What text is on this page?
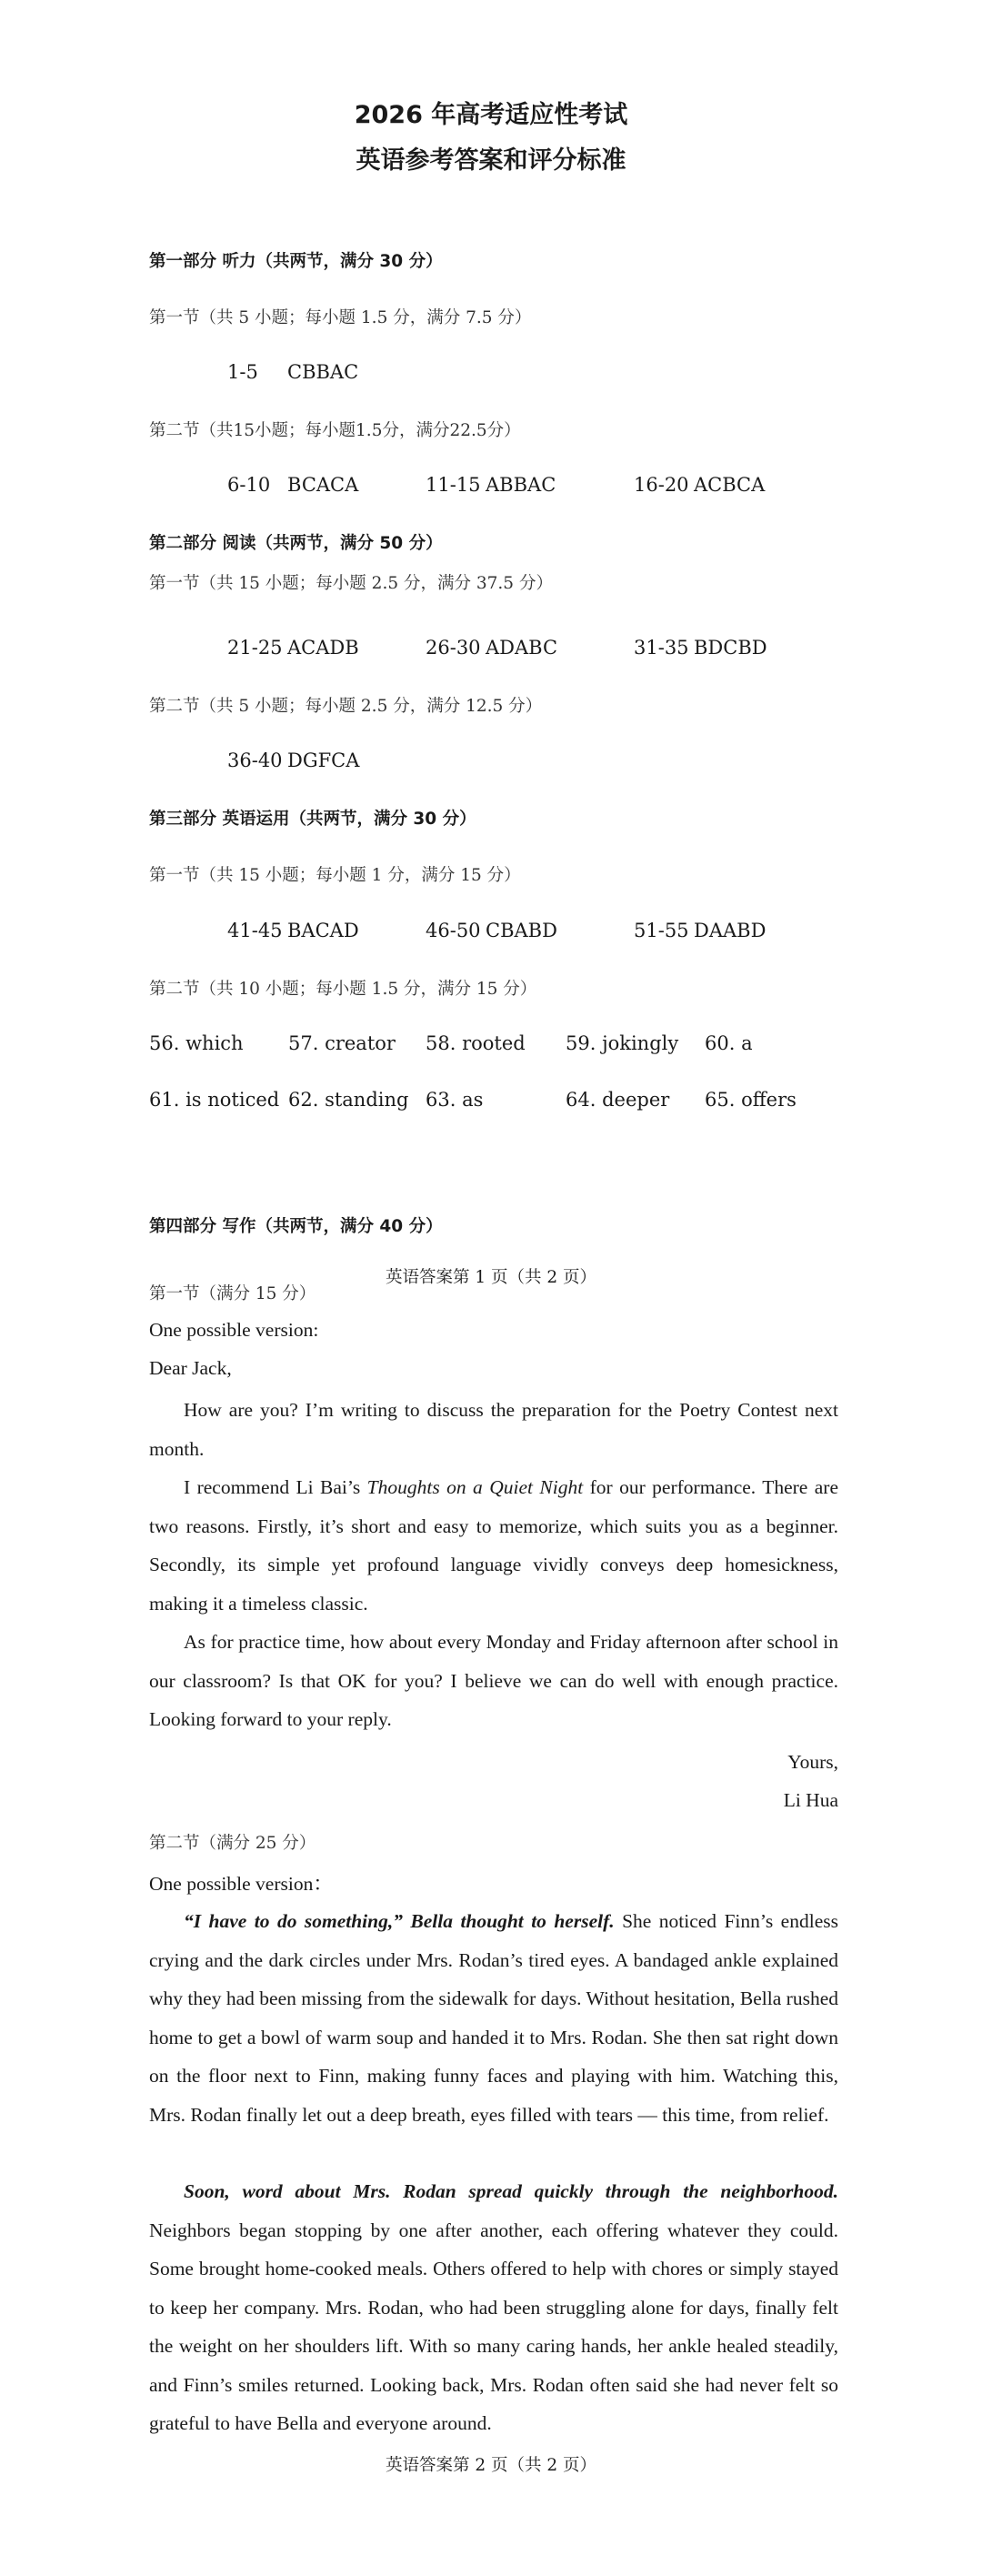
2026 年高考适应性考试
英语参考答案和评分标准
第一部分 听力（共两节，满分 30 分）
第一节（共 5 小题；每小题 1.5 分，满分 7.5 分）
1-5 CBBAC
第二节（共15小题；每小题1.5分，满分22.5分）
6-10 BCACA	11-15 ABBAC	16-20 ACBCA
第二部分 阅读（共两节，满分 50 分）
第一节（共 15 小题；每小题 2.5 分，满分 37.5 分）
21-25 ACADB	26-30 ADABC	31-35 BDCBD
第二节（共 5 小题；每小题 2.5 分，满分 12.5 分）
36-40 DGFCA
第三部分 英语运用（共两节，满分 30 分）
第一节（共 15 小题；每小题 1 分，满分 15 分）
41-45 BACAD	46-50 CBABD	51-55 DAABD
第二节（共 10 小题；每小题 1.5 分，满分 15 分）
56. which 57. creator 58. rooted 59. jokingly 60. a
61. is noticed 62. standing 63. as	64. deeper 65. offers
第四部分 写作（共两节，满分 40 分）
英语答案第 1 页（共 2 页）
第一节（满分 15 分）
One possible version:
Dear Jack,
How are you? I’m writing to discuss the preparation for the Poetry Contest next month.
I recommend Li Bai’s Thoughts on a Quiet Night for our performance. There are two reasons. Firstly, it’s short and easy to memorize, which suits you as a beginner. Secondly, its simple yet profound language vividly conveys deep homesickness, making it a timeless classic.
As for practice time, how about every Monday and Friday afternoon after school in our classroom? Is that OK for you? I believe we can do well with enough practice. Looking forward to your reply.
Yours,
Li Hua
第二节（满分 25 分）
One possible version：
“I have to do something,” Bella thought to herself. She noticed Finn’s endless crying and the dark circles under Mrs. Rodan’s tired eyes. A bandaged ankle explained why they had been missing from the sidewalk for days. Without hesitation, Bella rushed home to get a bowl of warm soup and handed it to Mrs. Rodan. She then sat right down on the floor next to Finn, making funny faces and playing with him. Watching this, Mrs. Rodan finally let out a deep breath, eyes filled with tears — this time, from relief.
Soon, word about Mrs. Rodan spread quickly through the neighborhood. Neighbors began stopping by one after another, each offering whatever they could. Some brought home-cooked meals. Others offered to help with chores or simply stayed to keep her company. Mrs. Rodan, who had been struggling alone for days, finally felt the weight on her shoulders lift. With so many caring hands, her ankle healed steadily, and Finn’s smiles returned. Looking back, Mrs. Rodan often said she had never felt so grateful to have Bella and everyone around.
英语答案第 2 页（共 2 页）
